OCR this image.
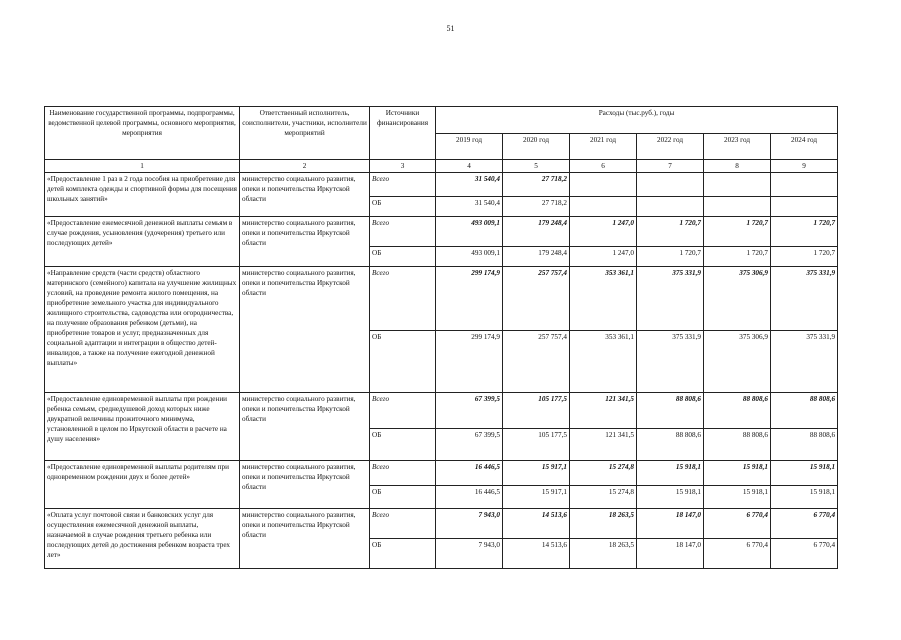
51
Наименование государственной программы, подпрограммы, ведомственной целевой программы, основного мероприятия, мероприятия	Ответственный исполнитель, соисполнители, участники, исполнители мероприятий	Источники финансирования	Расходы (тыс.руб.), годы					
			2019 год	2020 год	2021 год	2022 год	2023 год	2024 год
1	2	3	4	5	6	7	8	9
«Предоставление 1 раз в 2 года пособия на приобретение для детей комплекта одежды и спортивной формы для посещения школьных занятий»	министерство социального развития, опеки и попечительства Иркутской области	Всего	31 540,4	27 718,2				
		ОБ	31 540,4	27 718,2				
«Предоставление ежемесячной денежной выплаты семьям в случае рождения, усыновления (удочерения) третьего или последующих детей»	министерство социального развития, опеки и попечительства Иркутской области	Всего	493 009,1	179 248,4	1 247,0	1 720,7	1 720,7	1 720,7
		ОБ	493 009,1	179 248,4	1 247,0	1 720,7	1 720,7	1 720,7
«Направление средств (части средств) областного материнского (семейного) капитала на улучшение жилищных условий, на проведение ремонта жилого помещения, на приобретение земельного участка для индивидуального жилищного строительства, садоводства или огородничества, на получение образования ребенком (детьми), на приобретение товаров и услуг, предназначенных для социальной адаптации и интеграции в общество детей-инвалидов, а также на получение ежегодной денежной выплаты»	министерство социального развития, опеки и попечительства Иркутской области	Всего	299 174,9	257 757,4	353 361,1	375 331,9	375 306,9	375 331,9
		ОБ	299 174,9	257 757,4	353 361,1	375 331,9	375 306,9	375 331,9
«Предоставление единовременной выплаты при рождении ребенка семьям, среднедушевой доход которых ниже двукратной величины прожиточного минимума, установленной в целом по Иркутской области в расчете на душу населения»	министерство социального развития, опеки и попечительства Иркутской области	Всего	67 399,5	105 177,5	121 341,5	88 808,6	88 808,6	88 808,6
		ОБ	67 399,5	105 177,5	121 341,5	88 808,6	88 808,6	88 808,6
«Предоставление единовременной выплаты родителям при одновременном рождении двух и более детей»	министерство социального развития, опеки и попечительства Иркутской области	Всего	16 446,5	15 917,1	15 274,8	15 918,1	15 918,1	15 918,1
		ОБ	16 446,5	15 917,1	15 274,8	15 918,1	15 918,1	15 918,1
«Оплата услуг почтовой связи и банковских услуг для осуществления ежемесячной денежной выплаты, назначаемой в случае рождения третьего ребенка или последующих детей до достижения ребенком возраста трех лет»	министерство социального развития, опеки и попечительства Иркутской области	Всего	7 943,0	14 513,6	18 263,5	18 147,0	6 770,4	6 770,4
		ОБ	7 943,0	14 513,6	18 263,5	18 147,0	6 770,4	6 770,4
